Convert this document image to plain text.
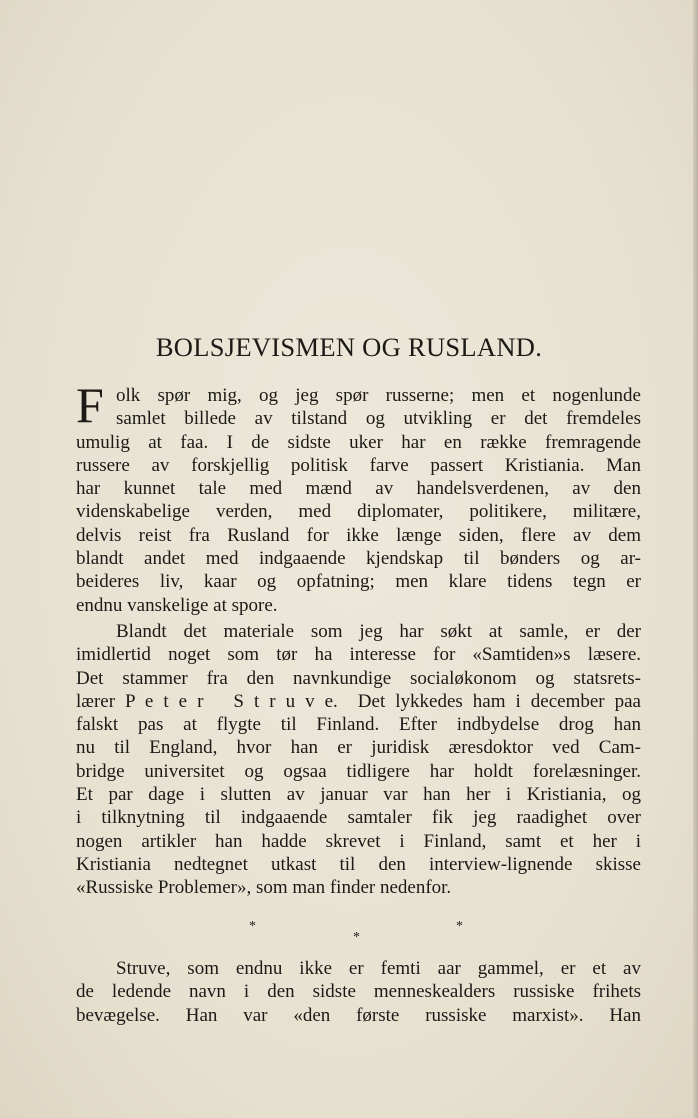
BOLSJEVISMEN OG RUSLAND.
F olk spør mig, og jeg spør russerne; men et nogenlunde
samlet billede av tilstand og utvikling er det fremdeles
umulig at faa. I de sidste uker har en række fremragende
russere av forskjellig politisk farve passert Kristiania. Man
har kunnet tale med mænd av handelsverdenen, av den
videnskabelige verden, med diplomater, politikere, militære,
delvis reist fra Rusland for ikke længe siden, flere av dem
blandt andet med indgaaende kjendskap til bønders og ar-
beideres liv, kaar og opfatning; men klare tidens tegn er
endnu vanskelige at spore.
Blandt det materiale som jeg har søkt at samle, er der
imidlertid noget som tør ha interesse for «Samtiden»s læsere.
Det stammer fra den navnkundige socialøkonom og statsrets-
lærer P e t e r   S t r u v e.  Det lykkedes ham i december paa
falskt pas at flygte til Finland. Efter indbydelse drog han
nu til England, hvor han er juridisk æresdoktor ved Cam-
bridge universitet og ogsaa tidligere har holdt forelæsninger.
Et par dage i slutten av januar var han her i Kristiania, og
i tilknytning til indgaaende samtaler fik jeg raadighet over
nogen artikler han hadde skrevet i Finland, samt et her i
Kristiania nedtegnet utkast til den interview-lignende skisse
«Russiske Problemer», som man finder nedenfor.
*	*
*
Struve, som endnu ikke er femti aar gammel, er et av
de ledende navn i den sidste menneskealders russiske frihets
bevægelse. Han var «den første russiske marxist». Han
